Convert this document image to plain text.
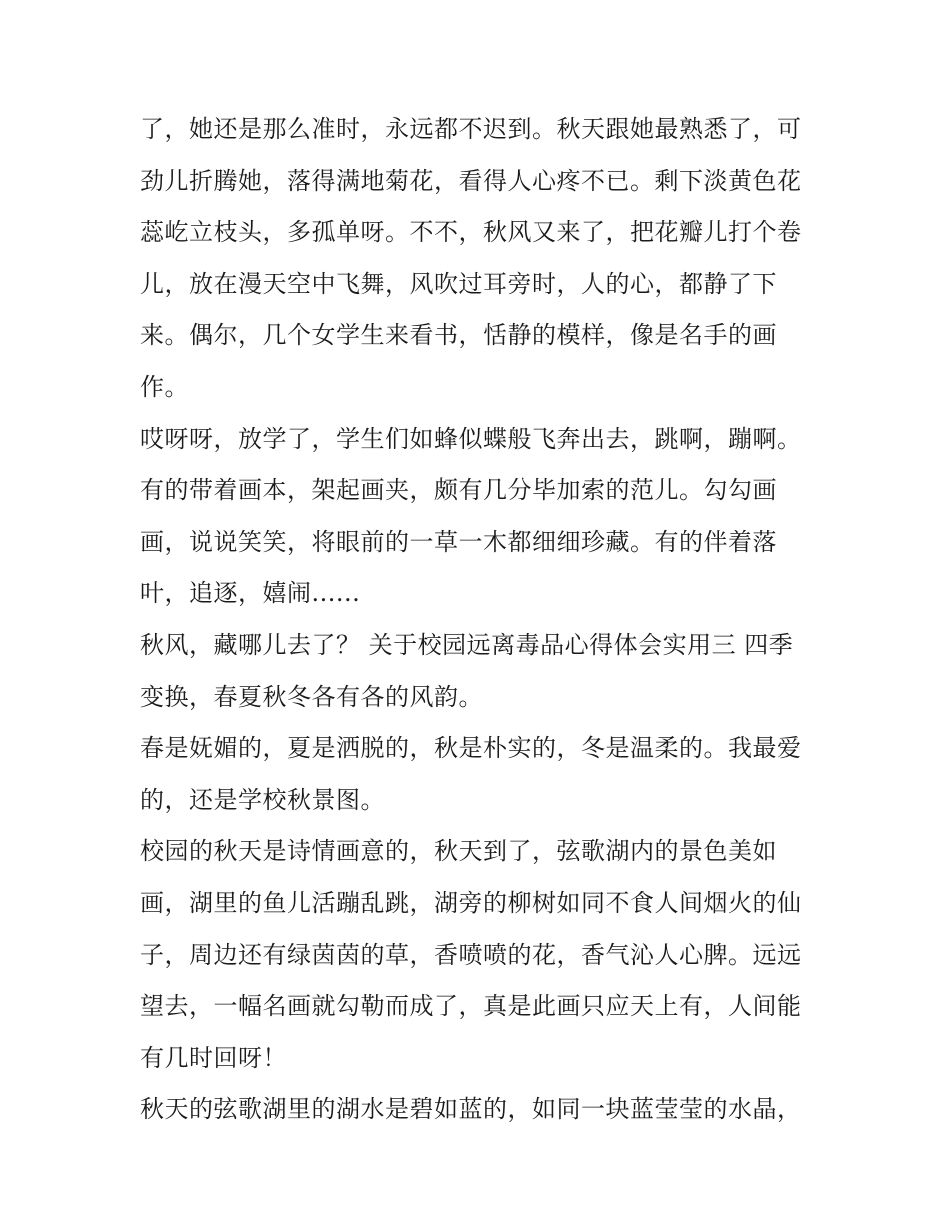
了，她还是那么准时，永远都不迟到。秋天跟她最熟悉了，可
劲儿折腾她，落得满地菊花，看得人心疼不已。剩下淡黄色花
蕊屹立枝头，多孤单呀。不不，秋风又来了，把花瓣儿打个卷
儿，放在漫天空中飞舞，风吹过耳旁时，人的心，都静了下
来。偶尔，几个女学生来看书，恬静的模样，像是名手的画
作。
哎呀呀，放学了，学生们如蜂似蝶般飞奔出去，跳啊，蹦啊。
有的带着画本，架起画夹，颇有几分毕加索的范儿。勾勾画
画，说说笑笑，将眼前的一草一木都细细珍藏。有的伴着落
叶，追逐，嬉闹......
秋风，藏哪儿去了？ 关于校园远离毒品心得体会实用三 四季
变换，春夏秋冬各有各的风韵。
春是妩媚的，夏是洒脱的，秋是朴实的，冬是温柔的。我最爱
的，还是学校秋景图。
校园的秋天是诗情画意的，秋天到了，弦歌湖内的景色美如
画，湖里的鱼儿活蹦乱跳，湖旁的柳树如同不食人间烟火的仙
子，周边还有绿茵茵的草，香喷喷的花，香气沁人心脾。远远
望去，一幅名画就勾勒而成了，真是此画只应天上有，人间能
有几时回呀！
秋天的弦歌湖里的湖水是碧如蓝的，如同一块蓝莹莹的水晶，
